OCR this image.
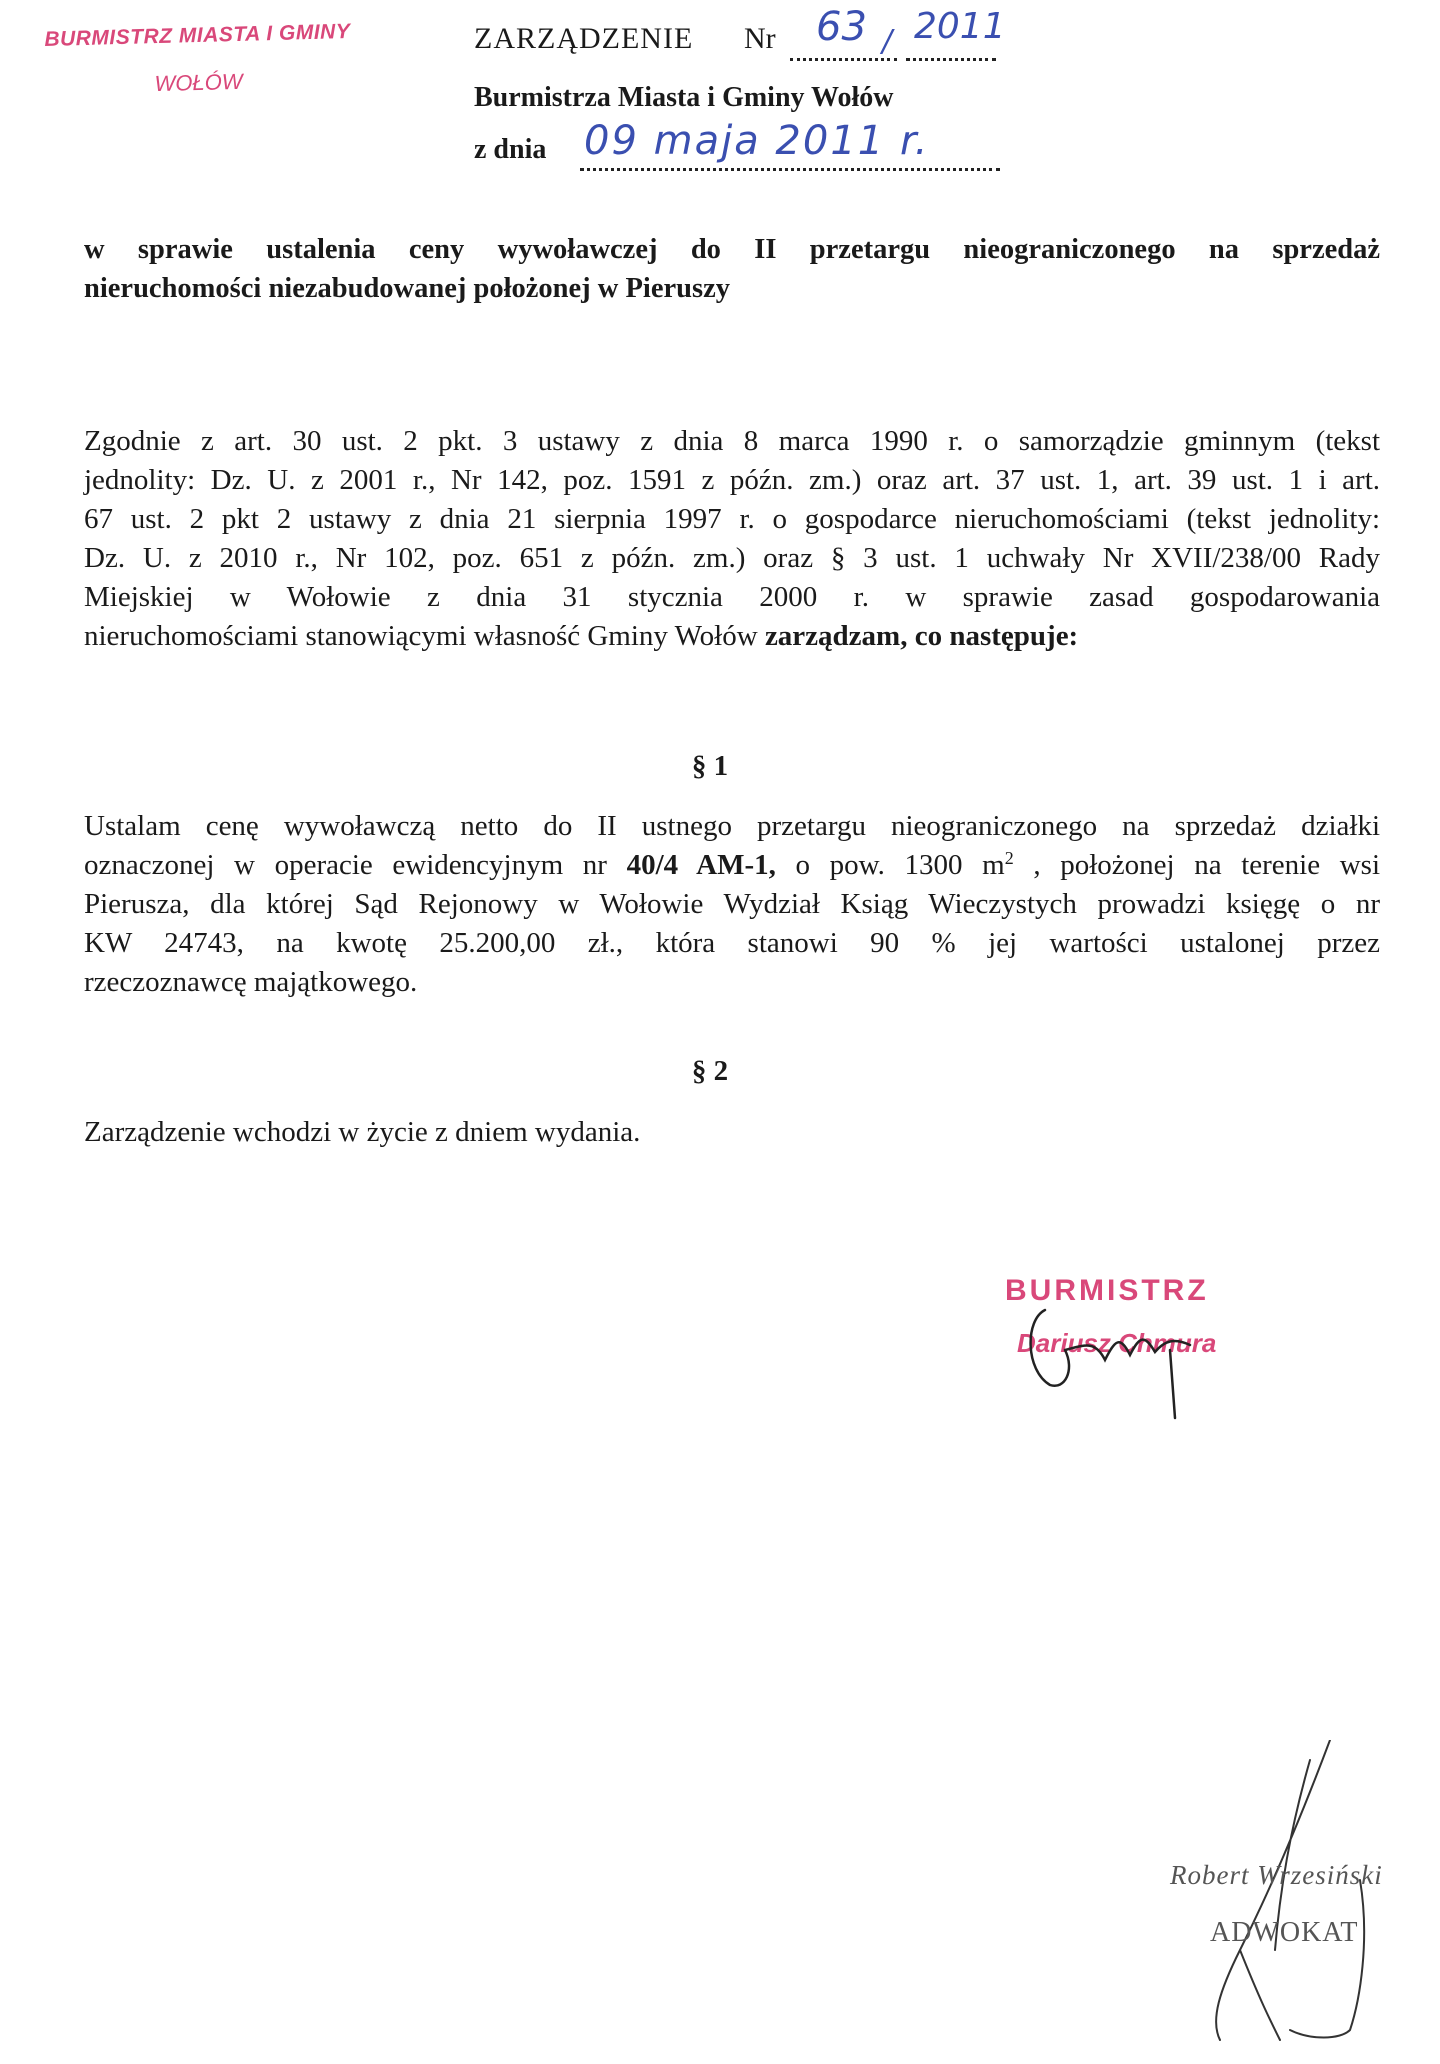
BURMISTRZ MIASTA I GMINY
WOŁÓW
ZARZĄDZENIE Nr 63 / 2011
Burmistrza Miasta i Gminy Wołów
z dnia 09 maja 2011 r.
w sprawie ustalenia ceny wywoławczej do II przetargu nieograniczonego na sprzedaż
nieruchomości niezabudowanej położonej w Pieruszy
Zgodnie z art. 30 ust. 2 pkt. 3 ustawy z dnia 8 marca 1990 r. o samorządzie gminnym (tekst
jednolity: Dz. U. z 2001 r., Nr 142, poz. 1591 z późn. zm.) oraz art. 37 ust. 1, art. 39 ust. 1 i art.
67 ust. 2 pkt 2 ustawy z dnia 21 sierpnia 1997 r. o gospodarce nieruchomościami (tekst jednolity:
Dz. U. z 2010 r., Nr 102, poz. 651 z późn. zm.) oraz § 3 ust. 1 uchwały Nr XVII/238/00 Rady
Miejskiej w Wołowie z dnia 31 stycznia 2000 r. w sprawie zasad gospodarowania
nieruchomościami stanowiącymi własność Gminy Wołów zarządzam, co następuje:
§ 1
Ustalam cenę wywoławczą netto do II ustnego przetargu nieograniczonego na sprzedaż działki
oznaczonej w operacie ewidencyjnym nr 40/4 AM-1, o pow. 1300 $m^2$ , położonej na terenie wsi
Pierusza, dla której Sąd Rejonowy w Wołowie Wydział Ksiąg Wieczystych prowadzi księgę o nr
KW 24743, na kwotę 25.200,00 zł., która stanowi 90 % jej wartości ustalonej przez
rzeczoznawcę majątkowego.
§ 2
Zarządzenie wchodzi w życie z dniem wydania.
BURMISTRZ
Dariusz Chmura
Robert Wrzesiński
ADWOKAT
